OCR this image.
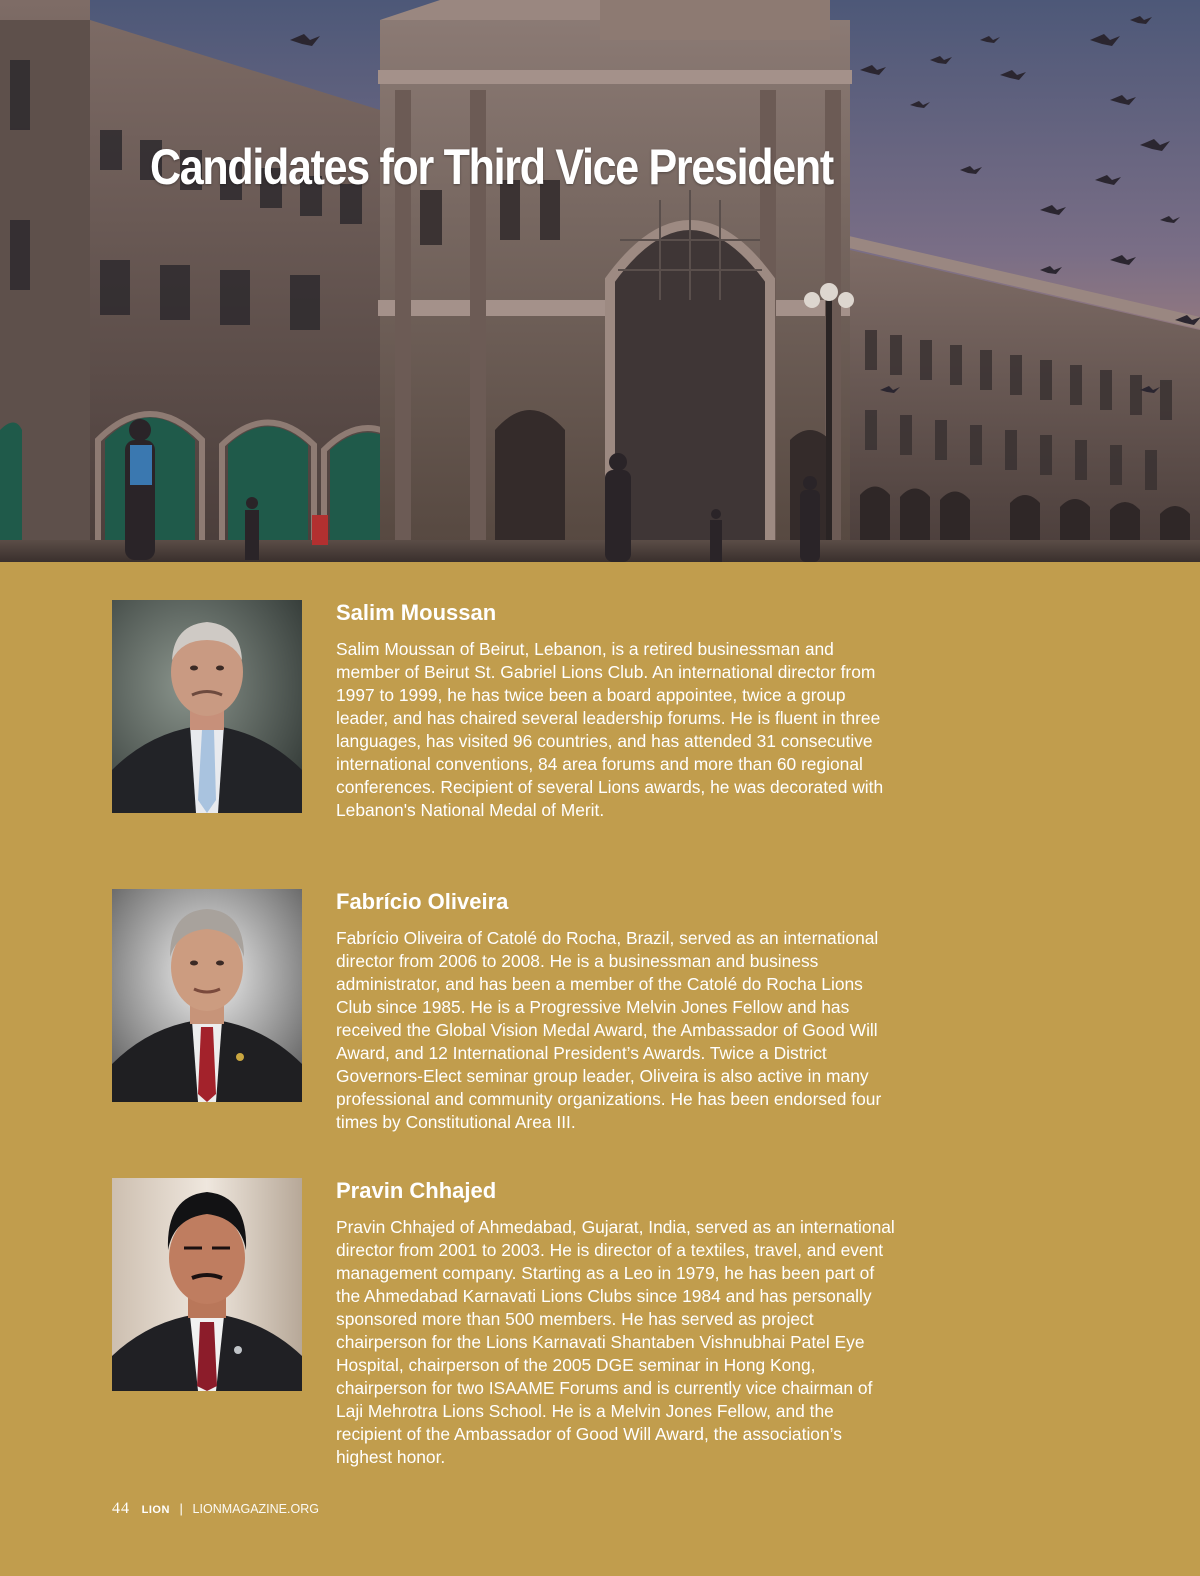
Candidates for Third Vice President
Salim Moussan

Salim Moussan of Beirut, Lebanon, is a retired businessman and member of Beirut St. Gabriel Lions Club. An international director from 1997 to 1999, he has twice been a board appointee, twice a group leader, and has chaired several leadership forums. He is fluent in three languages, has visited 96 countries, and has attended 31 consecutive international conventions, 84 area forums and more than 60 regional conferences. Recipient of several Lions awards, he was decorated with Lebanon's National Medal of Merit.

Fabrício Oliveira

Fabrício Oliveira of Catolé do Rocha, Brazil, served as an international director from 2006 to 2008. He is a businessman and business administrator, and has been a member of the Catolé do Rocha Lions Club since 1985. He is a Progressive Melvin Jones Fellow and has received the Global Vision Medal Award, the Ambassador of Good Will Award, and 12 International President’s Awards. Twice a District Governors-Elect seminar group leader, Oliveira is also active in many professional and community organizations. He has been endorsed four times by Constitutional Area III.

Pravin Chhajed

Pravin Chhajed of Ahmedabad, Gujarat, India, served as an international director from 2001 to 2003. He is director of a textiles, travel, and event management company. Starting as a Leo in 1979, he has been part of the Ahmedabad Karnavati Lions Clubs since 1984 and has personally sponsored more than 500 members. He has served as project chairperson for the Lions Karnavati Shantaben Vishnubhai Patel Eye Hospital, chairperson of the 2005 DGE seminar in Hong Kong, chairperson for two ISAAME Forums and is currently vice chairman of Laji Mehrotra Lions School. He is a Melvin Jones Fellow, and the recipient of the Ambassador of Good Will Award, the association’s highest honor.

44 LION | LIONMAGAZINE.ORG
